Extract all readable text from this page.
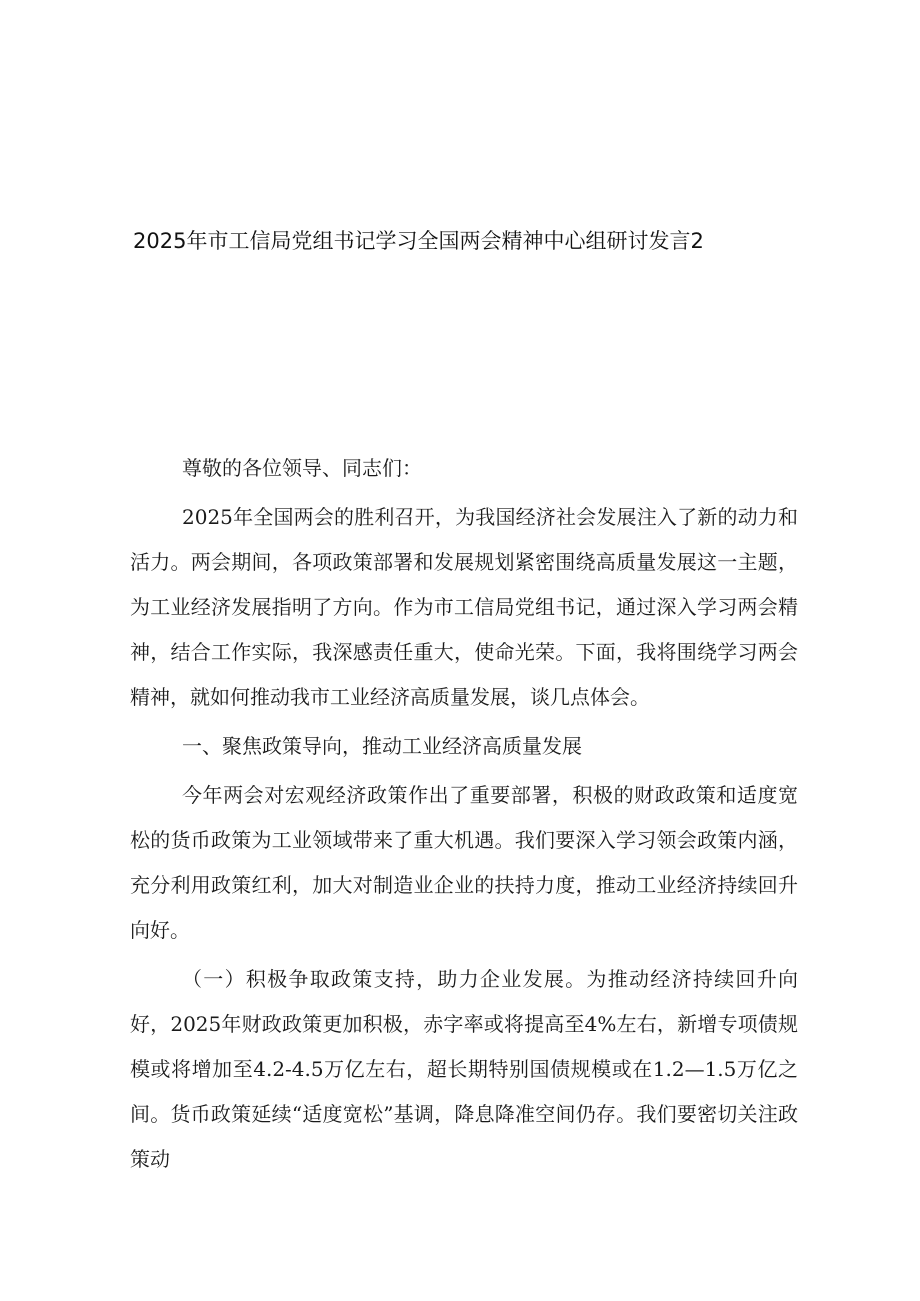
2025年市工信局党组书记学习全国两会精神中心组研讨发言2

尊敬的各位领导、同志们：

2025年全国两会的胜利召开，为我国经济社会发展注入了新的动力和活力。两会期间，各项政策部署和发展规划紧密围绕高质量发展这一主题，为工业经济发展指明了方向。作为市工信局党组书记，通过深入学习两会精神，结合工作实际，我深感责任重大，使命光荣。下面，我将围绕学习两会精神，就如何推动我市工业经济高质量发展，谈几点体会。

一、聚焦政策导向，推动工业经济高质量发展

今年两会对宏观经济政策作出了重要部署，积极的财政政策和适度宽松的货币政策为工业领域带来了重大机遇。我们要深入学习领会政策内涵，充分利用政策红利，加大对制造业企业的扶持力度，推动工业经济持续回升向好。

（一）积极争取政策支持，助力企业发展。为推动经济持续回升向好，2025年财政政策更加积极，赤字率或将提高至4%左右，新增专项债规模或将增加至4.2-4.5万亿左右，超长期特别国债规模或在1.2—1.5万亿之间。货币政策延续“适度宽松”基调，降息降准空间仍存。我们要密切关注政策动
